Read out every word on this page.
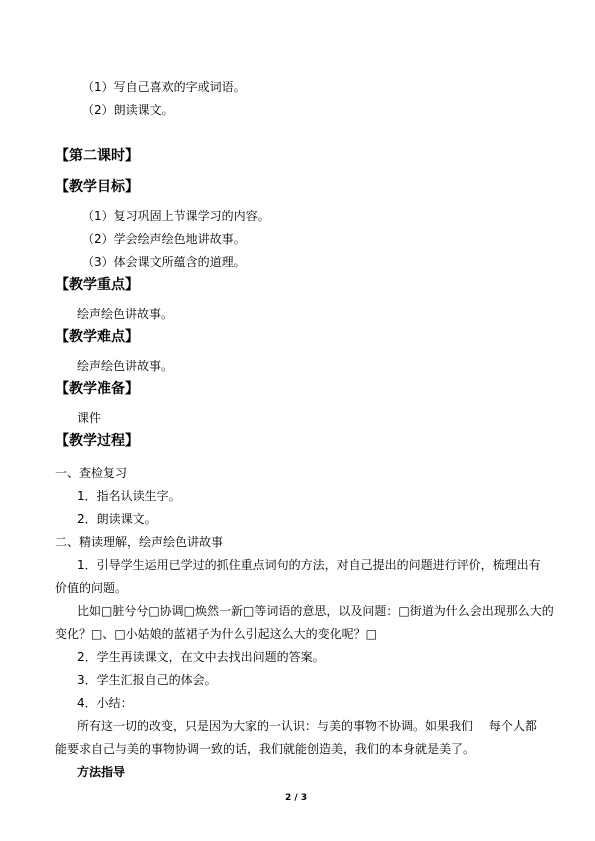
（1）写自己喜欢的字或词语。
（2）朗读课文。
【第二课时】
【教学目标】
（1）复习巩固上节课学习的内容。
（2）学会绘声绘色地讲故事。
（3）体会课文所蕴含的道理。
【教学重点】
绘声绘色讲故事。
【教学难点】
绘声绘色讲故事。
【教学准备】
课件
【教学过程】
一、查检复习
1．指名认读生字。
2．朗读课文。
二、精读理解，绘声绘色讲故事
1．引导学生运用已学过的抓住重点词句的方法，对自己提出的问题进行评价，梳理出有
价值的问题。
比如□脏兮兮□协调□焕然一新□等词语的意思，以及问题：□街道为什么会出现那么大的
变化？□、□小姑娘的蓝裙子为什么引起这么大的变化呢？□
2．学生再读课文，在文中去找出问题的答案。
3．学生汇报自己的体会。
4．小结：
所有这一切的改变，只是因为大家的一认识：与美的事物不协调。如果我们　 每个人都
能要求自己与美的事物协调一致的话，我们就能创造美，我们的本身就是美了。
方法指导
2 / 3
